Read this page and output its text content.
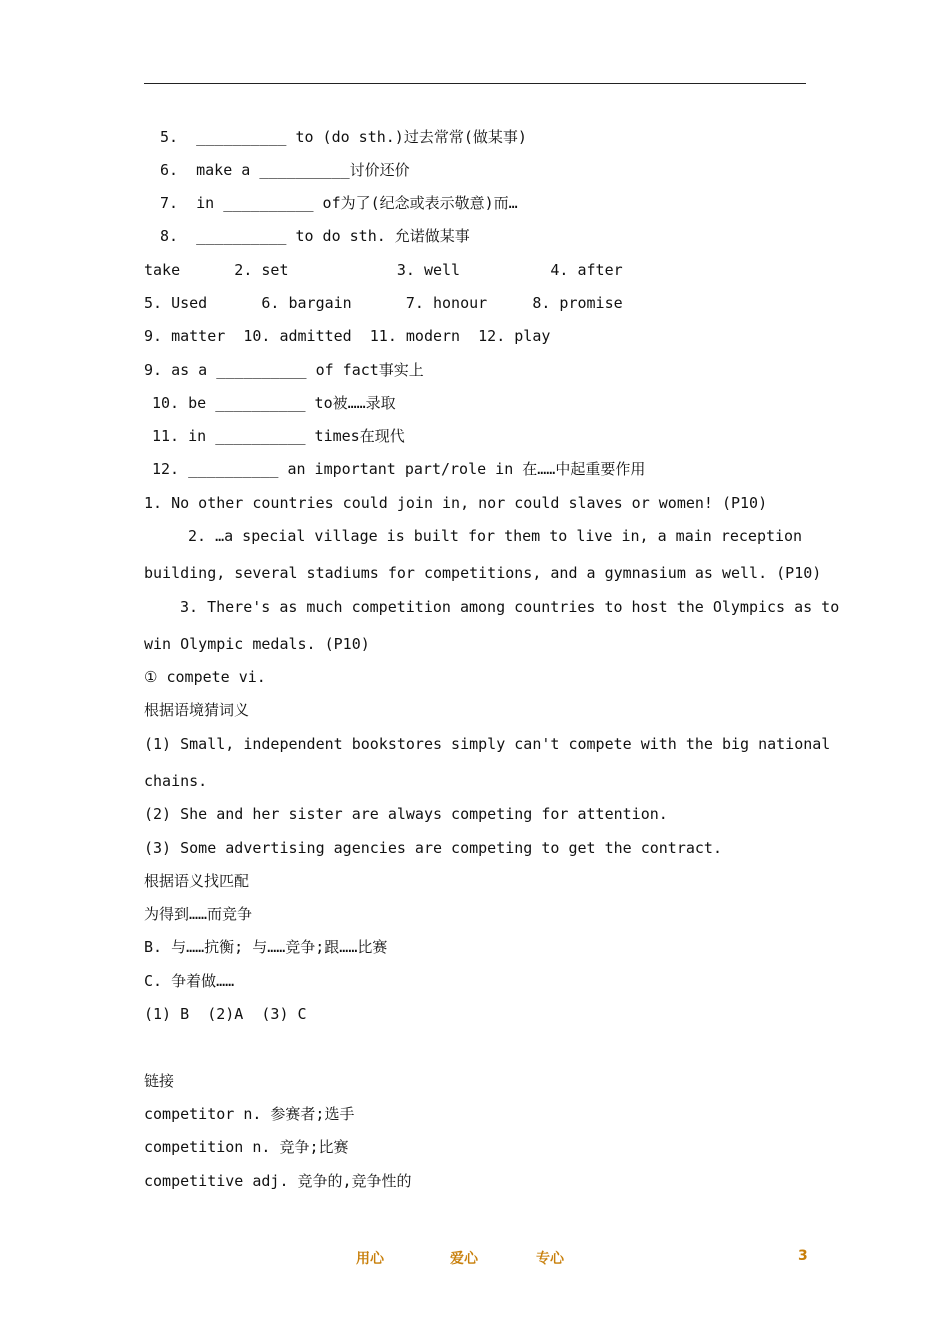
5.  __________ to (do sth.)过去常常(做某事)
6.  make a __________讨价还价
7.  in __________ of为了(纪念或表示敬意)而…
8.  __________ to do sth. 允诺做某事
take      2. set            3. well          4. after
5. Used      6. bargain      7. honour     8. promise
9. matter  10. admitted  11. modern  12. play
9. as a __________ of fact事实上
10. be __________ to被……录取
11. in __________ times在现代
12. __________ an important part/role in 在……中起重要作用
1. No other countries could join in, nor could slaves or women! (P10)
2. …a special village is built for them to live in, a main reception
building, several stadiums for competitions, and a gymnasium as well. (P10)
3. There's as much competition among countries to host the Olympics as to
win Olympic medals. (P10)
① compete vi.
根据语境猜词义
(1) Small, independent bookstores simply can't compete with the big national
chains.
(2) She and her sister are always competing for attention.
(3) Some advertising agencies are competing to get the contract.
根据语义找匹配
为得到……而竞争
B. 与……抗衡; 与……竞争;跟……比赛
C. 争着做……
(1) B  (2)A  (3) C
链接
competitor n. 参赛者;选手
competition n. 竞争;比赛
competitive adj. 竞争的,竞争性的
用心	爱心	专心	3
